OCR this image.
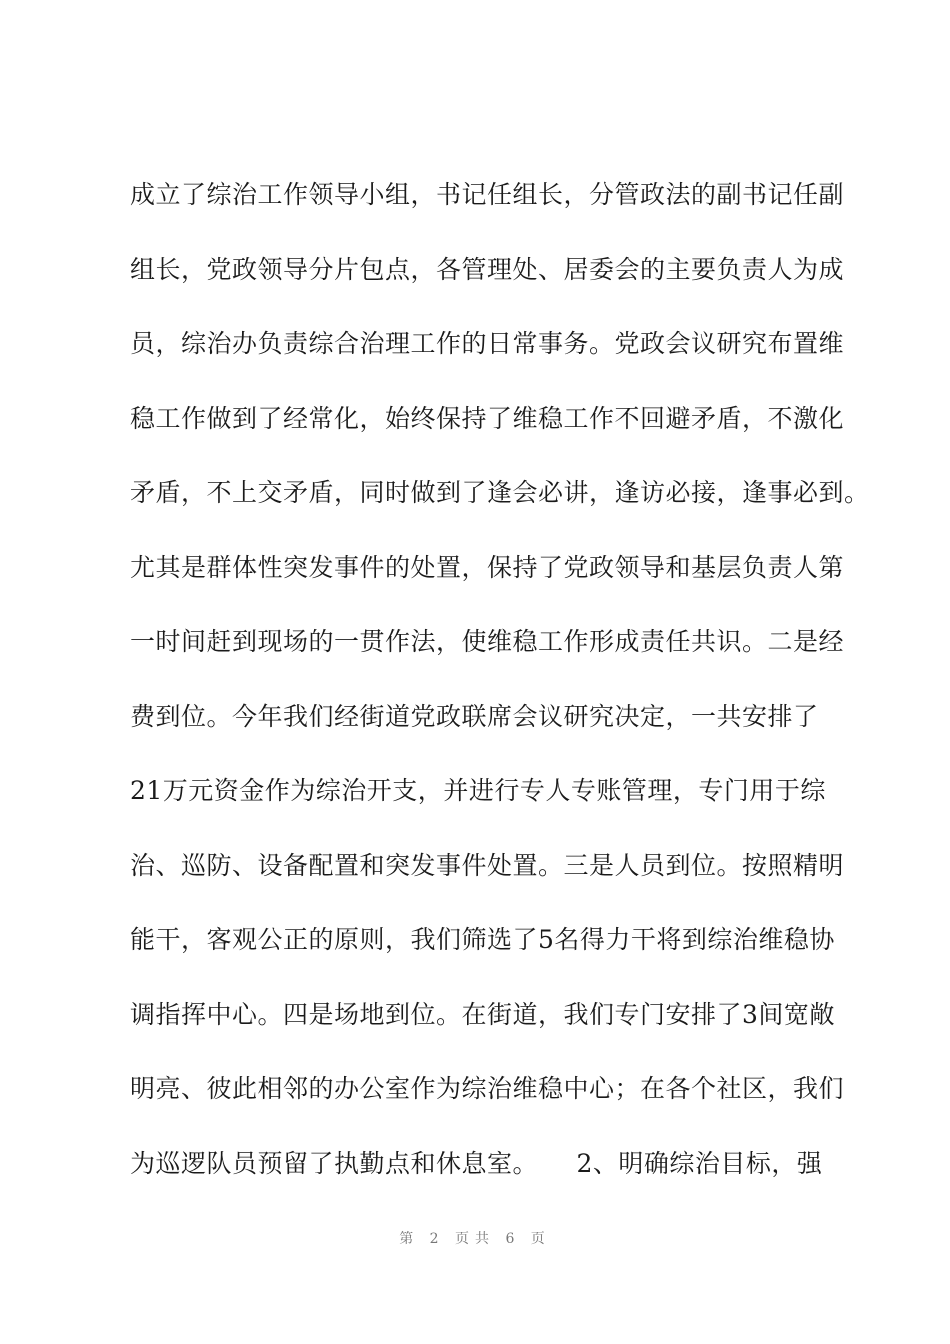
成立了综治工作领导小组，书记任组长，分管政法的副书记任副
组长，党政领导分片包点，各管理处、居委会的主要负责人为成
员，综治办负责综合治理工作的日常事务。党政会议研究布置维
稳工作做到了经常化，始终保持了维稳工作不回避矛盾，不激化
矛盾，不上交矛盾，同时做到了逢会必讲，逢访必接，逢事必到。
尤其是群体性突发事件的处置，保持了党政领导和基层负责人第
一时间赶到现场的一贯作法，使维稳工作形成责任共识。二是经
费到位。今年我们经街道党政联席会议研究决定，一共安排了
21万元资金作为综治开支，并进行专人专账管理，专门用于综
治、巡防、设备配置和突发事件处置。三是人员到位。按照精明
能干，客观公正的原则，我们筛选了5名得力干将到综治维稳协
调指挥中心。四是场地到位。在街道，我们专门安排了3间宽敞
明亮、彼此相邻的办公室作为综治维稳中心；在各个社区，我们
为巡逻队员预留了执勤点和休息室。　　2、明确综治目标，强
第 2 页共 6 页
